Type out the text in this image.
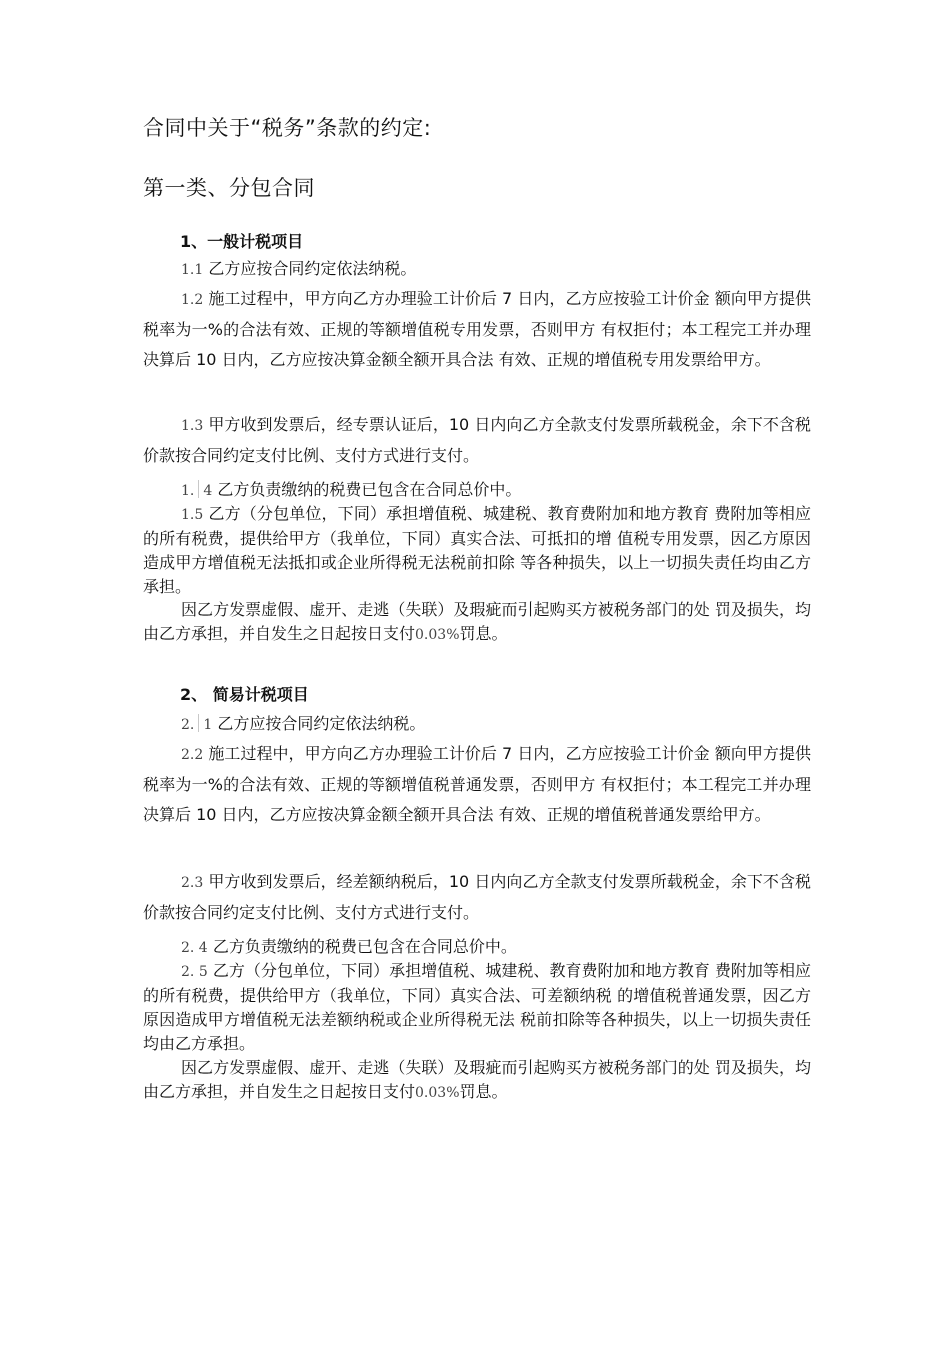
合同中关于“税务”条款的约定:
第一类、分包合同
1、一般计税项目
1.1 乙方应按合同约定依法纳税。
1.2 施工过程中，甲方向乙方办理验工计价后 7 日内，乙方应按验工计价金 额向甲方提供税率为一%的合法有效、正规的等额增值税专用发票，否则甲方 有权拒付；本工程完工并办理决算后 10 日内，乙方应按决算金额全额开具合法 有效、正规的增值税专用发票给甲方。
1.3 甲方收到发票后，经专票认证后，10 日内向乙方全款支付发票所载税金，余下不含税价款按合同约定支付比例、支付方式进行支付。
1. 4 乙方负责缴纳的税费已包含在合同总价中。
1.5 乙方（分包单位，下同）承担增值税、城建税、教育费附加和地方教育 费附加等相应的所有税费，提供给甲方（我单位，下同）真实合法、可抵扣的增 值税专用发票，因乙方原因造成甲方增值税无法抵扣或企业所得税无法税前扣除 等各种损失，以上一切损失责任均由乙方承担。
因乙方发票虚假、虚开、走逃（失联）及瑕疵而引起购买方被税务部门的处 罚及损失，均由乙方承担，并自发生之日起按日支付0.03%罚息。
2、 简易计税项目
2. 1 乙方应按合同约定依法纳税。
2.2 施工过程中，甲方向乙方办理验工计价后 7 日内，乙方应按验工计价金 额向甲方提供税率为一%的合法有效、正规的等额增值税普通发票，否则甲方 有权拒付；本工程完工并办理决算后 10 日内，乙方应按决算金额全额开具合法 有效、正规的增值税普通发票给甲方。
2.3 甲方收到发票后，经差额纳税后，10 日内向乙方全款支付发票所载税金，余下不含税价款按合同约定支付比例、支付方式进行支付。
2. 4 乙方负责缴纳的税费已包含在合同总价中。
2. 5 乙方（分包单位，下同）承担增值税、城建税、教育费附加和地方教育 费附加等相应的所有税费，提供给甲方（我单位，下同）真实合法、可差额纳税 的增值税普通发票，因乙方原因造成甲方增值税无法差额纳税或企业所得税无法 税前扣除等各种损失，以上一切损失责任均由乙方承担。
因乙方发票虚假、虚开、走逃（失联）及瑕疵而引起购买方被税务部门的处 罚及损失，均由乙方承担，并自发生之日起按日支付0.03%罚息。
